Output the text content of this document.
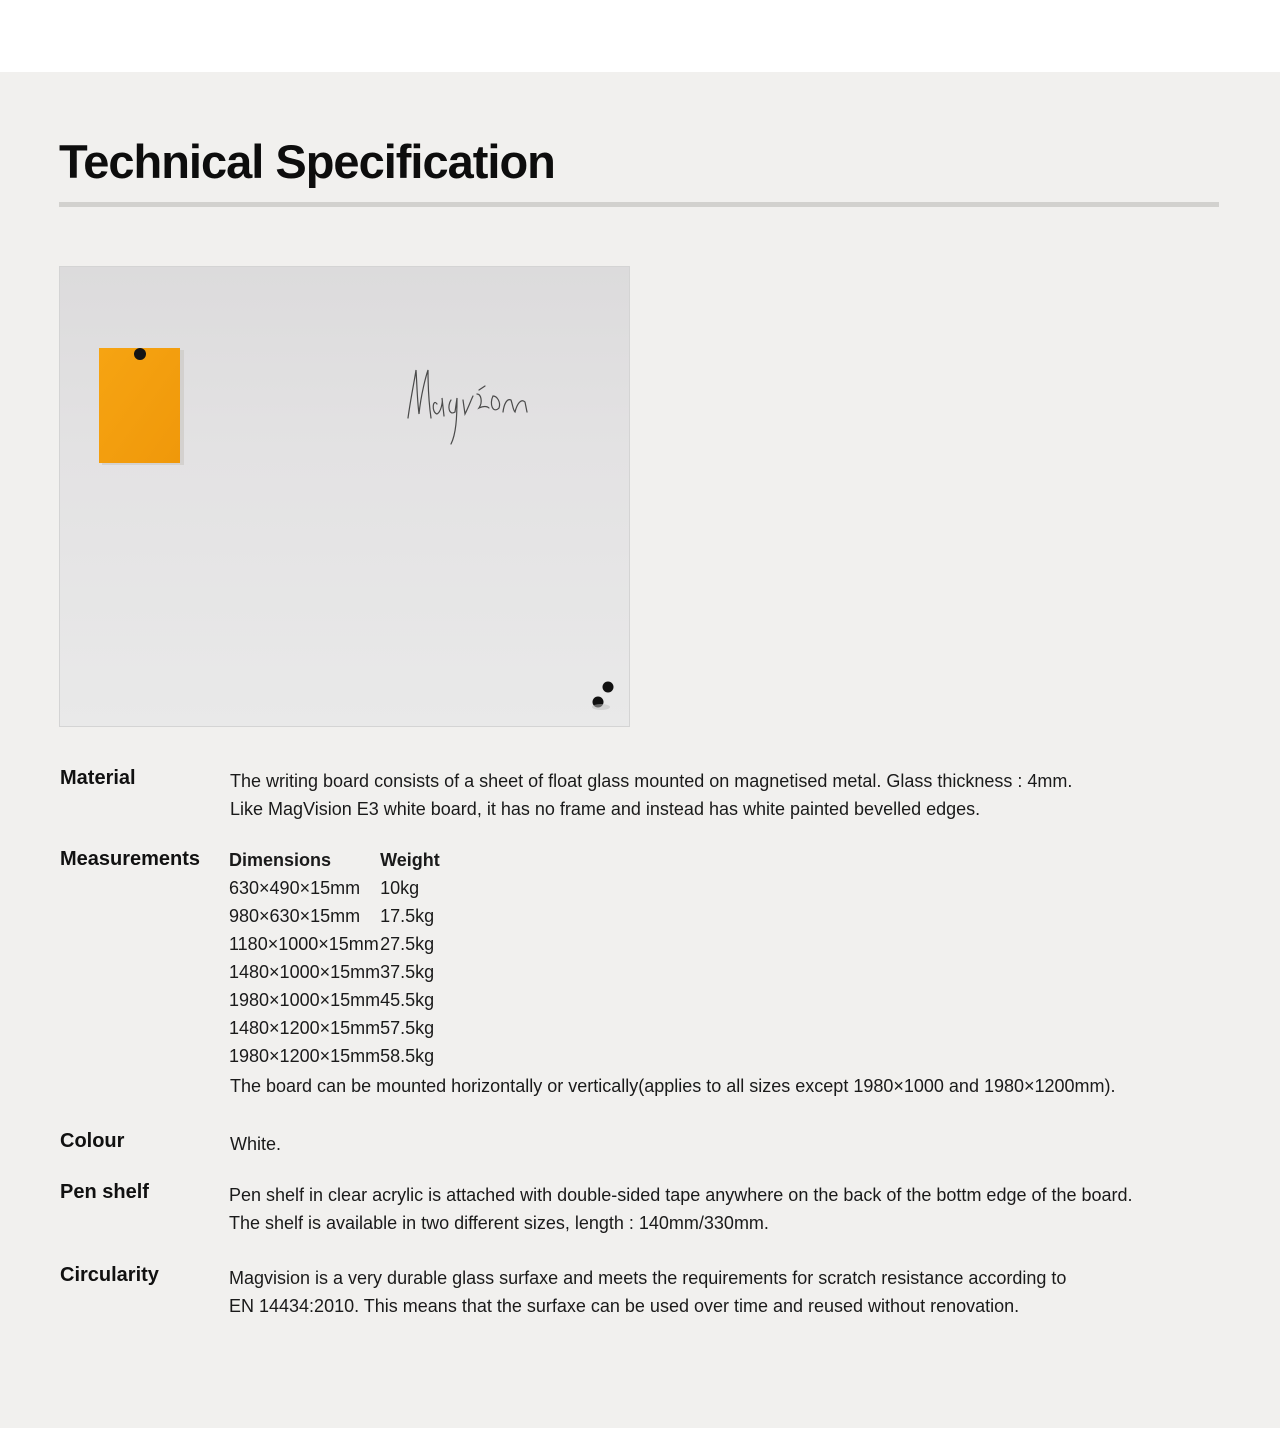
Technical Specification
Material	The writing board consists of a sheet of float glass mounted on magnetised metal. Glass thickness : 4mm.

Like MagVision E3 white board, it has no frame and instead has white painted bevelled edges.

Measurements Dimensions	Weight
630×490×15mm	10kg
980×630×15mm	17.5kg
1180×1000×15mm	27.5kg
1480×1000×15mm	37.5kg
1980×1000×15mm	45.5kg
1480×1200×15mm	57.5kg
1980×1200×15mm	58.5kg
The board can be mounted horizontally or vertically(applies to all sizes except 1980×1000 and 1980×1200mm).
Colour	White.

Pen shelf	Pen shelf in clear acrylic is attached with double-sided tape anywhere on the back of the bottm edge of the board.

The shelf is available in two different sizes, length : 140mm/330mm.

Circularity	Magvision is a very durable glass surfaxe and meets the requirements for scratch resistance according to

EN 14434:2010. This means that the surfaxe can be used over time and reused without renovation.
